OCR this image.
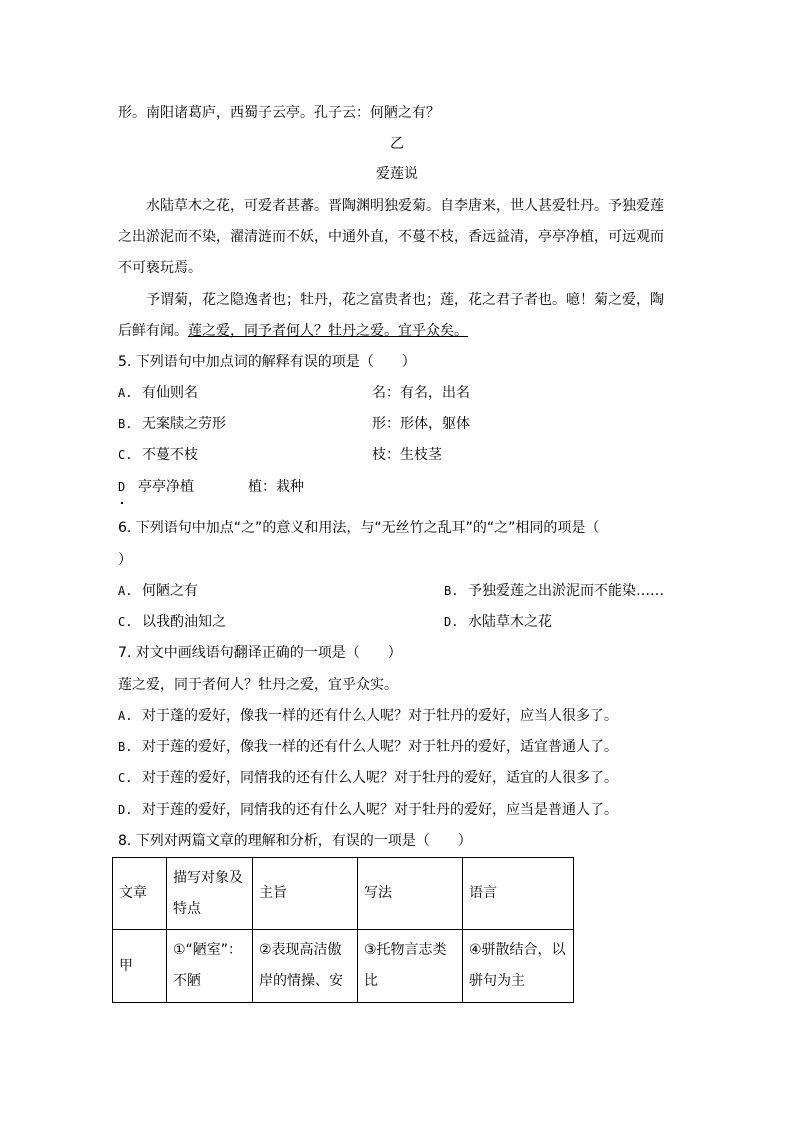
形。南阳诸葛庐，西蜀子云亭。孔子云：何陋之有？
乙
爱莲说
水陆草木之花，可爱者甚蕃。晋陶渊明独爱菊。自李唐来，世人甚爱牡丹。予独爱莲
之出淤泥而不染，濯清涟而不妖，中通外直，不蔓不枝，香远益清，亭亭净植，可远观而
不可亵玩焉。
予谓菊，花之隐逸者也；牡丹，花之富贵者也；莲，花之君子者也。噫！菊之爱，陶
后鲜有闻。莲之爱，同予者何人？牡丹之爱。宜乎众矣。
5. 下列语句中加点词的解释有误的项是（　　）
A. 有仙则名	名：有名，出名
B. 无案牍之劳形	形：形体，躯体
C. 不蔓不枝	枝：生枝茎
D 亭亭净植	植：栽种
6. 下列语句中加点“之”的意义和用法，与“无丝竹之乱耳”的“之”相同的项是（
）
A. 何陋之有	B. 予独爱莲之出淤泥而不能染……
C. 以我酌油知之	D. 水陆草木之花
7. 对文中画线语句翻译正确的一项是（　　）
莲之爱，同于者何人？牡丹之爱，宜乎众实。
A. 对于蓬的爱好，像我一样的还有什么人呢？对于牡丹的爱好，应当人很多了。
B. 对于莲的爱好，像我一样的还有什么人呢？对于牡丹的爱好，适宜普通人了。
C. 对于莲的爱好，同情我的还有什么人呢？对于牡丹的爱好，适宜的人很多了。
D. 对于莲的爱好，同情我的还有什么人呢？对于牡丹的爱好，应当是普通人了。
8. 下列对两篇文章的理解和分析，有误的一项是（　　）
文章	描写对象及特点	主旨	写法	语言
甲	①“陋室”：不陋	②表现高洁傲岸的情操、安	③托物言志类比	④骈散结合，以骈句为主
